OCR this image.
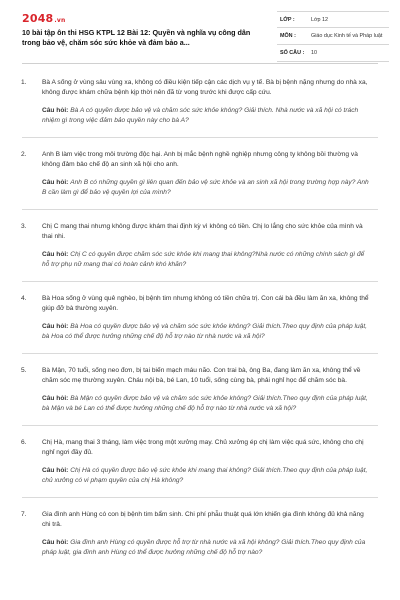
2048.vn
10 bài tập ôn thi HSG KTPL 12 Bài 12: Quyền và nghĩa vụ công dân trong bảo vệ, chăm sóc sức khỏe và đảm bảo a...
LỚP :	Lớp 12
MÔN :	Giáo dục Kinh tế và Pháp luật
SỐ CÂU :	10
1.	Bà A sống ở vùng sâu vùng xa, không có điều kiện tiếp cận các dịch vụ y tế. Bà bị bệnh nặng nhưng do nhà xa, không được khám chữa bệnh kịp thời nên đã từ vong trước khi được cấp cứu.

Câu hỏi: Bà A có quyền được bảo vệ và chăm sóc sức khỏe không? Giải thích. Nhà nước và xã hội có trách nhiệm gì trong việc đảm bảo quyền này cho bà A?

2.	Anh B làm việc trong môi trường độc hại. Anh bị mắc bệnh nghề nghiệp nhưng công ty không bồi thường và không đảm bảo chế độ an sinh xã hội cho anh.

Câu hỏi: Anh B có những quyền gì liên quan đến bảo vệ sức khỏe và an sinh xã hội trong trường hợp này? Anh B cần làm gì để bảo vệ quyền lợi của mình?

3.	Chị C mang thai nhưng không được khám thai định kỳ vì không có tiền. Chị lo lắng cho sức khỏe của mình và thai nhi.

Câu hỏi: Chị C có quyền được chăm sóc sức khỏe khi mang thai không?Nhà nước có những chính sách gì để hỗ trợ phụ nữ mang thai có hoàn cảnh khó khăn?

4.	Bà Hoa sống ở vùng quê nghèo, bị bệnh tim nhưng không có tiền chữa trị. Con cái bà đều làm ăn xa, không thể giúp đỡ bà thường xuyên.

Câu hỏi: Bà Hoa có quyền được bảo vệ và chăm sóc sức khỏe không? Giải thích.Theo quy định của pháp luật, bà Hoa có thể được hưởng những chế độ hỗ trợ nào từ nhà nước và xã hội?

5.	Bà Mận, 70 tuổi, sống neo đơn, bị tai biến mạch máu não. Con trai bà, ông Ba, đang làm ăn xa, không thể về chăm sóc mẹ thường xuyên. Cháu nội bà, bé Lan, 10 tuổi, sống cùng bà, phải nghỉ học để chăm sóc bà.

Câu hỏi: Bà Mận có quyền được bảo vệ và chăm sóc sức khỏe không? Giải thích.Theo quy định của pháp luật, bà Mận và bé Lan có thể được hưởng những chế độ hỗ trợ nào từ nhà nước và xã hội?

6.	Chị Hà, mang thai 3 tháng, làm việc trong một xưởng may. Chủ xưởng ép chị làm việc quá sức, không cho chị nghỉ ngơi đầy đủ.

Câu hỏi: Chị Hà có quyền được bảo vệ sức khỏe khi mang thai không? Giải thích.Theo quy định của pháp luật, chủ xưởng có vi phạm quyền của chị Hà không?

7.	Gia đình anh Hùng có con bị bệnh tim bẩm sinh. Chi phí phẫu thuật quá lớn khiến gia đình không đủ khả năng chi trả.

Câu hỏi: Gia đình anh Hùng có quyền được hỗ trợ từ nhà nước và xã hội không? Giải thích.Theo quy định của pháp luật, gia đình anh Hùng có thể được hưởng những chế độ hỗ trợ nào?
